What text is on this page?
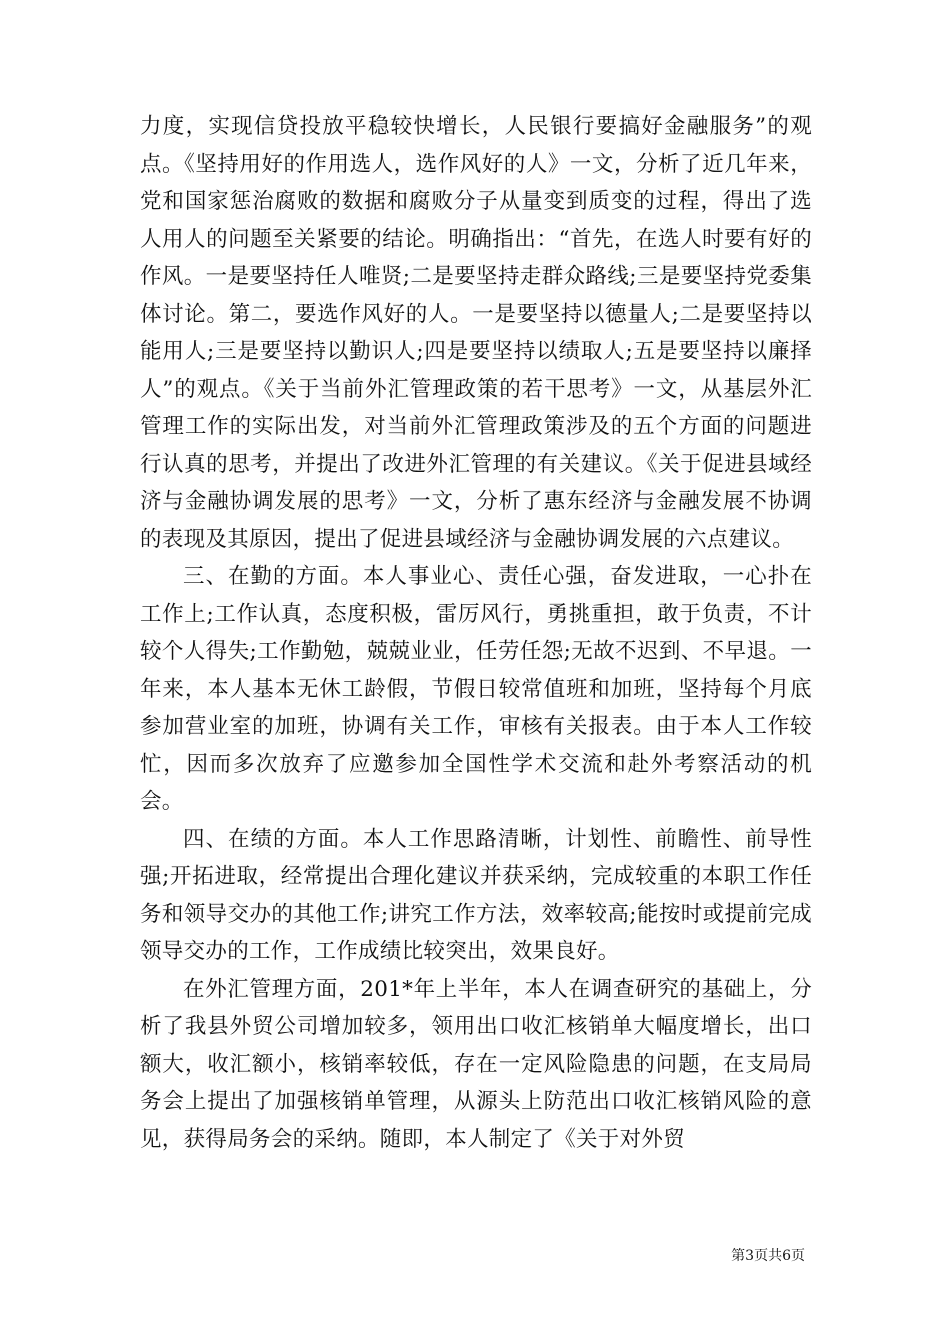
力度，实现信贷投放平稳较快增长，人民银行要搞好金融服务”的观点。《坚持用好的作用选人，选作风好的人》一文，分析了近几年来，党和国家惩治腐败的数据和腐败分子从量变到质变的过程，得出了选人用人的问题至关紧要的结论。明确指出：“首先，在选人时要有好的作风。一是要坚持任人唯贤;二是要坚持走群众路线;三是要坚持党委集体讨论。第二，要选作风好的人。一是要坚持以德量人;二是要坚持以能用人;三是要坚持以勤识人;四是要坚持以绩取人;五是要坚持以廉择人”的观点。《关于当前外汇管理政策的若干思考》一文，从基层外汇管理工作的实际出发，对当前外汇管理政策涉及的五个方面的问题进行认真的思考，并提出了改进外汇管理的有关建议。《关于促进县域经济与金融协调发展的思考》一文，分析了惠东经济与金融发展不协调的表现及其原因，提出了促进县域经济与金融协调发展的六点建议。

三、在勤的方面。本人事业心、责任心强，奋发进取，一心扑在工作上;工作认真，态度积极，雷厉风行，勇挑重担，敢于负责，不计较个人得失;工作勤勉，兢兢业业，任劳任怨;无故不迟到、不早退。一年来，本人基本无休工龄假，节假日较常值班和加班，坚持每个月底参加营业室的加班，协调有关工作，审核有关报表。由于本人工作较忙，因而多次放弃了应邀参加全国性学术交流和赴外考察活动的机会。

四、在绩的方面。本人工作思路清晰，计划性、前瞻性、前导性强;开拓进取，经常提出合理化建议并获采纳，完成较重的本职工作任务和领导交办的其他工作;讲究工作方法，效率较高;能按时或提前完成领导交办的工作，工作成绩比较突出，效果良好。

在外汇管理方面，201*年上半年，本人在调查研究的基础上，分析了我县外贸公司增加较多，领用出口收汇核销单大幅度增长，出口额大，收汇额小，核销率较低，存在一定风险隐患的问题，在支局局务会上提出了加强核销单管理，从源头上防范出口收汇核销风险的意见，获得局务会的采纳。随即，本人制定了《关于对外贸

第3页共6页
